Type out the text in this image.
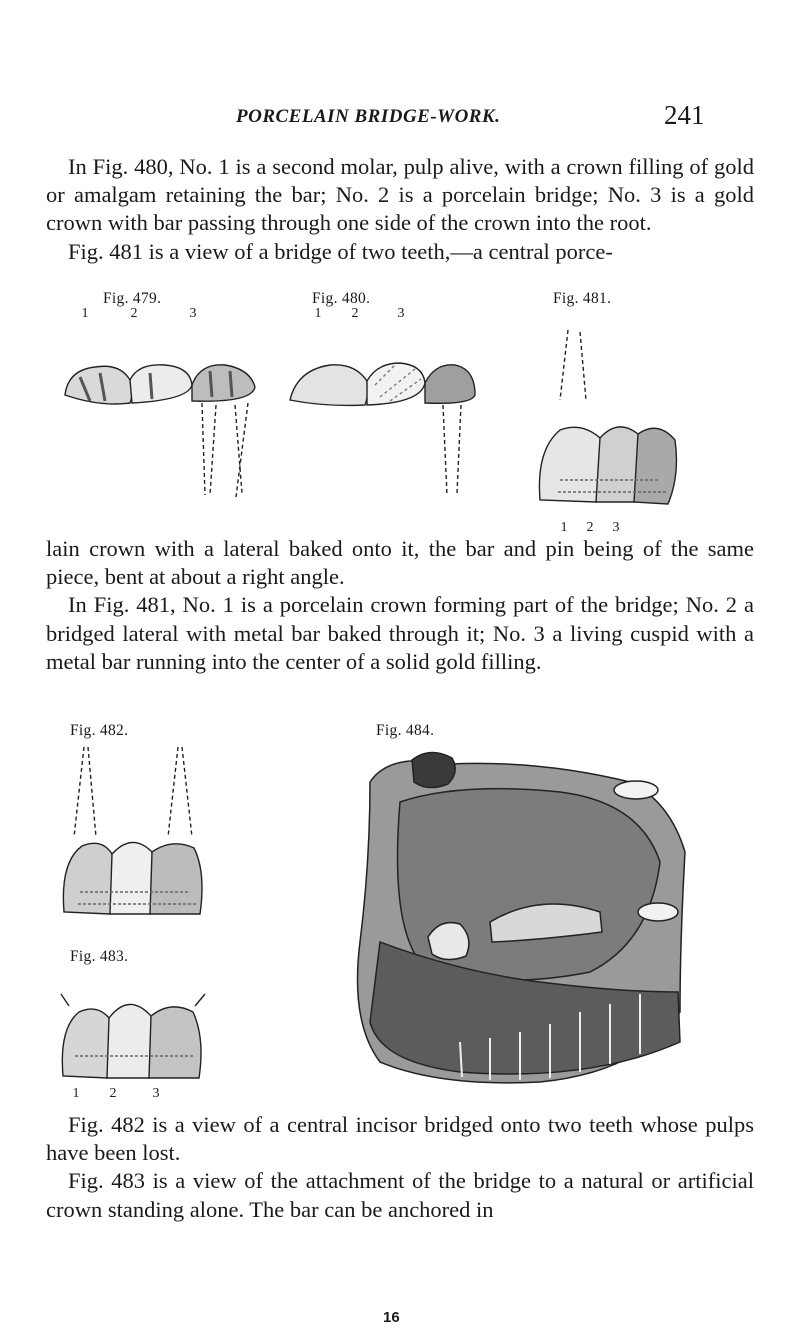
PORCELAIN BRIDGE-WORK.	241

In Fig. 480, No. 1 is a second molar, pulp alive, with a crown filling of gold or amalgam retaining the bar; No. 2 is a porcelain bridge; No. 3 is a gold crown with bar passing through one side of the crown into the root.

Fig. 481 is a view of a bridge of two teeth,—a central porce-

Fig. 479.	Fig. 480.	Fig. 481.
1	2	3	1 2	3
1 2 3

lain crown with a lateral baked onto it, the bar and pin being of the same piece, bent at about a right angle.

In Fig. 481, No. 1 is a porcelain crown forming part of the bridge; No. 2 a bridged lateral with metal bar baked through it; No. 3 a living cuspid with a metal bar running into the center of a solid gold filling.

Fig. 482.	Fig. 484.
Fig. 483.
1 2	3

Fig. 482 is a view of a central incisor bridged onto two teeth whose pulps have been lost.

Fig. 483 is a view of the attachment of the bridge to a natural or artificial crown standing alone. The bar can be anchored in

16
